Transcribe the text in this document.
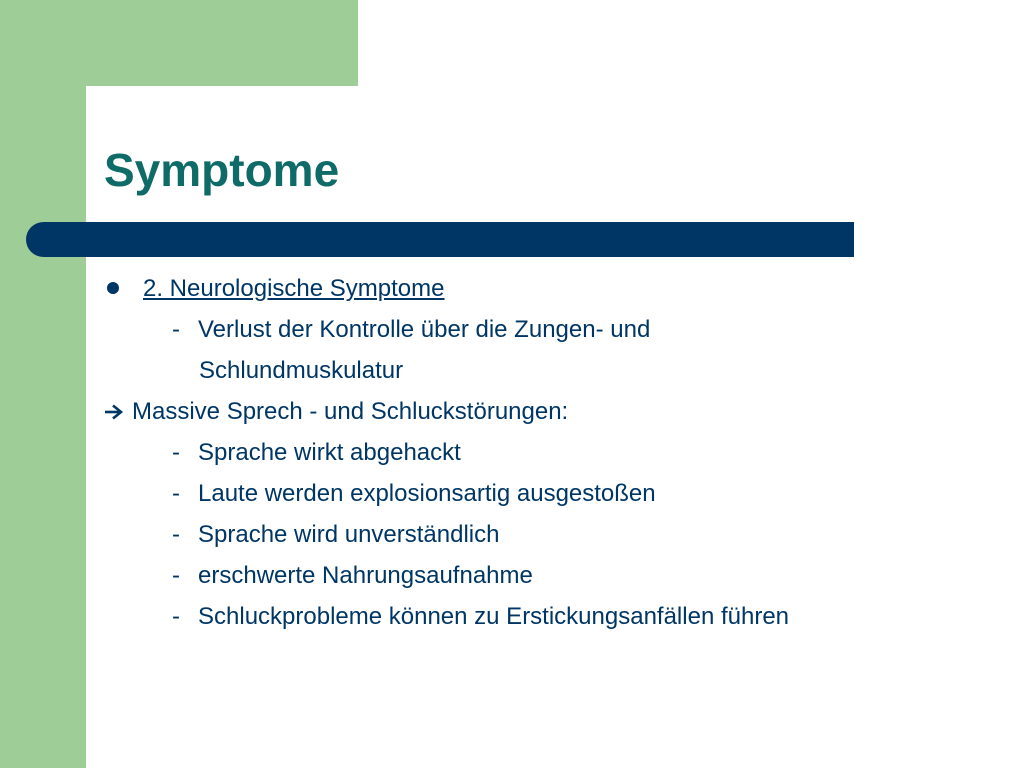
Symptome
2. Neurologische Symptome
- Verlust der Kontrolle über die Zungen- und
Schlundmuskulatur
Massive Sprech - und Schluckstörungen:
- Sprache wirkt abgehackt
- Laute werden explosionsartig ausgestoßen
- Sprache wird unverständlich
- erschwerte Nahrungsaufnahme
- Schluckprobleme können zu Erstickungsanfällen führen
